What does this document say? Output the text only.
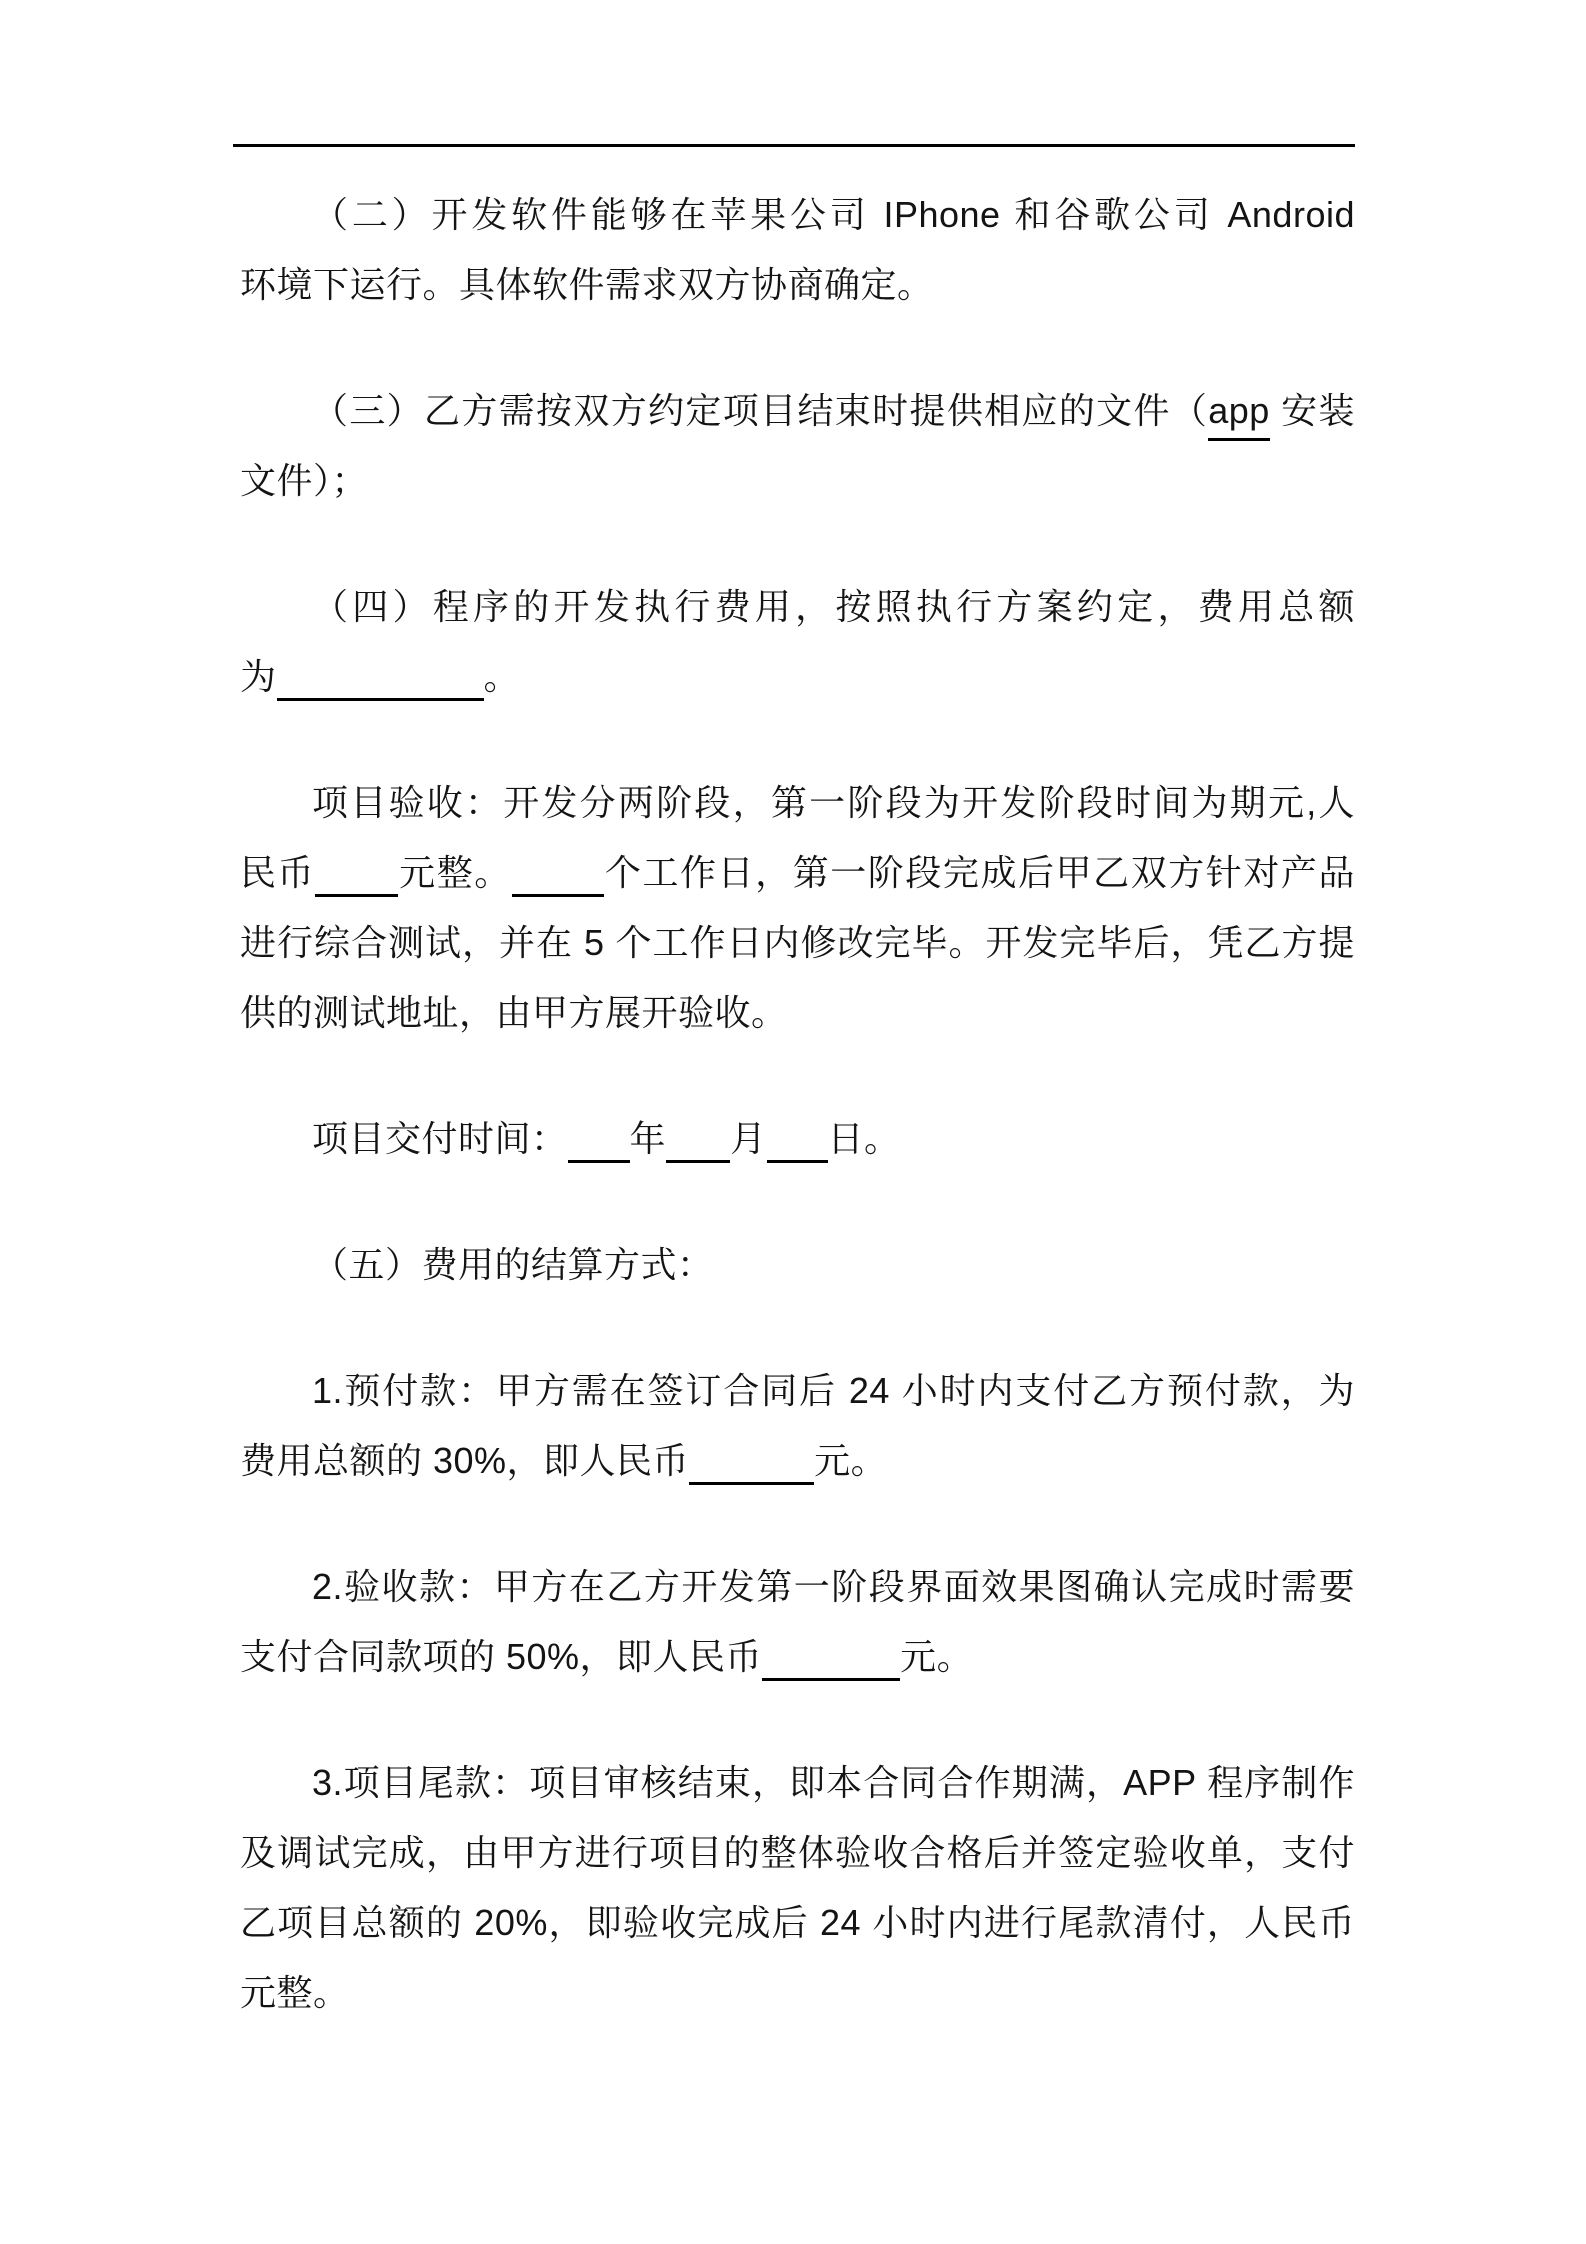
（二）开发软件能够在苹果公司 IPhone 和谷歌公司 Android
环境下运行。具体软件需求双方协商确定。
（三）乙方需按双方约定项目结束时提供相应的文件（app 安装
文件）；
（四）程序的开发执行费用，按照执行方案约定，费用总额
为	。
项目验收：开发分两阶段，第一阶段为开发阶段时间为期元,人
民币 元整。	个工作日，第一阶段完成后甲乙双方针对产品
进行综合测试，并在 5 个工作日内修改完毕。开发完毕后，凭乙方提
供的测试地址，由甲方展开验收。
项目交付时间： 年 月 日。
（五）费用的结算方式：
1.预付款：甲方需在签订合同后 24 小时内支付乙方预付款，为
费用总额的 30%，即人民币	元。
2.验收款：甲方在乙方开发第一阶段界面效果图确认完成时需要
支付合同款项的 50%，即人民币	元。
3.项目尾款：项目审核结束，即本合同合作期满，APP 程序制作
及调试完成，由甲方进行项目的整体验收合格后并签定验收单，支付
乙项目总额的 20%，即验收完成后 24 小时内进行尾款清付，人民币
元整。
